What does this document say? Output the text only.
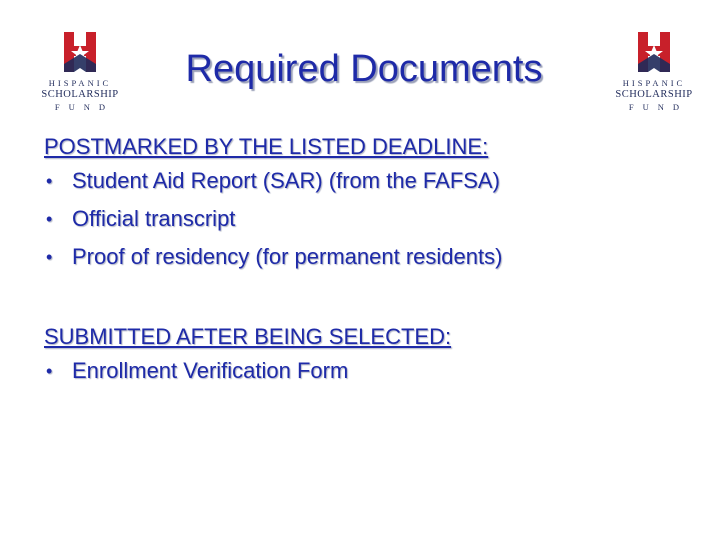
HISPANIC
SCHOLARSHIP
FUND
HISPANIC
SCHOLARSHIP
FUND
Required Documents
POSTMARKED BY THE LISTED DEADLINE:
• Student Aid Report (SAR) (from the FAFSA)
• Official transcript
• Proof of residency (for permanent residents)
SUBMITTED AFTER BEING SELECTED:
• Enrollment Verification Form
